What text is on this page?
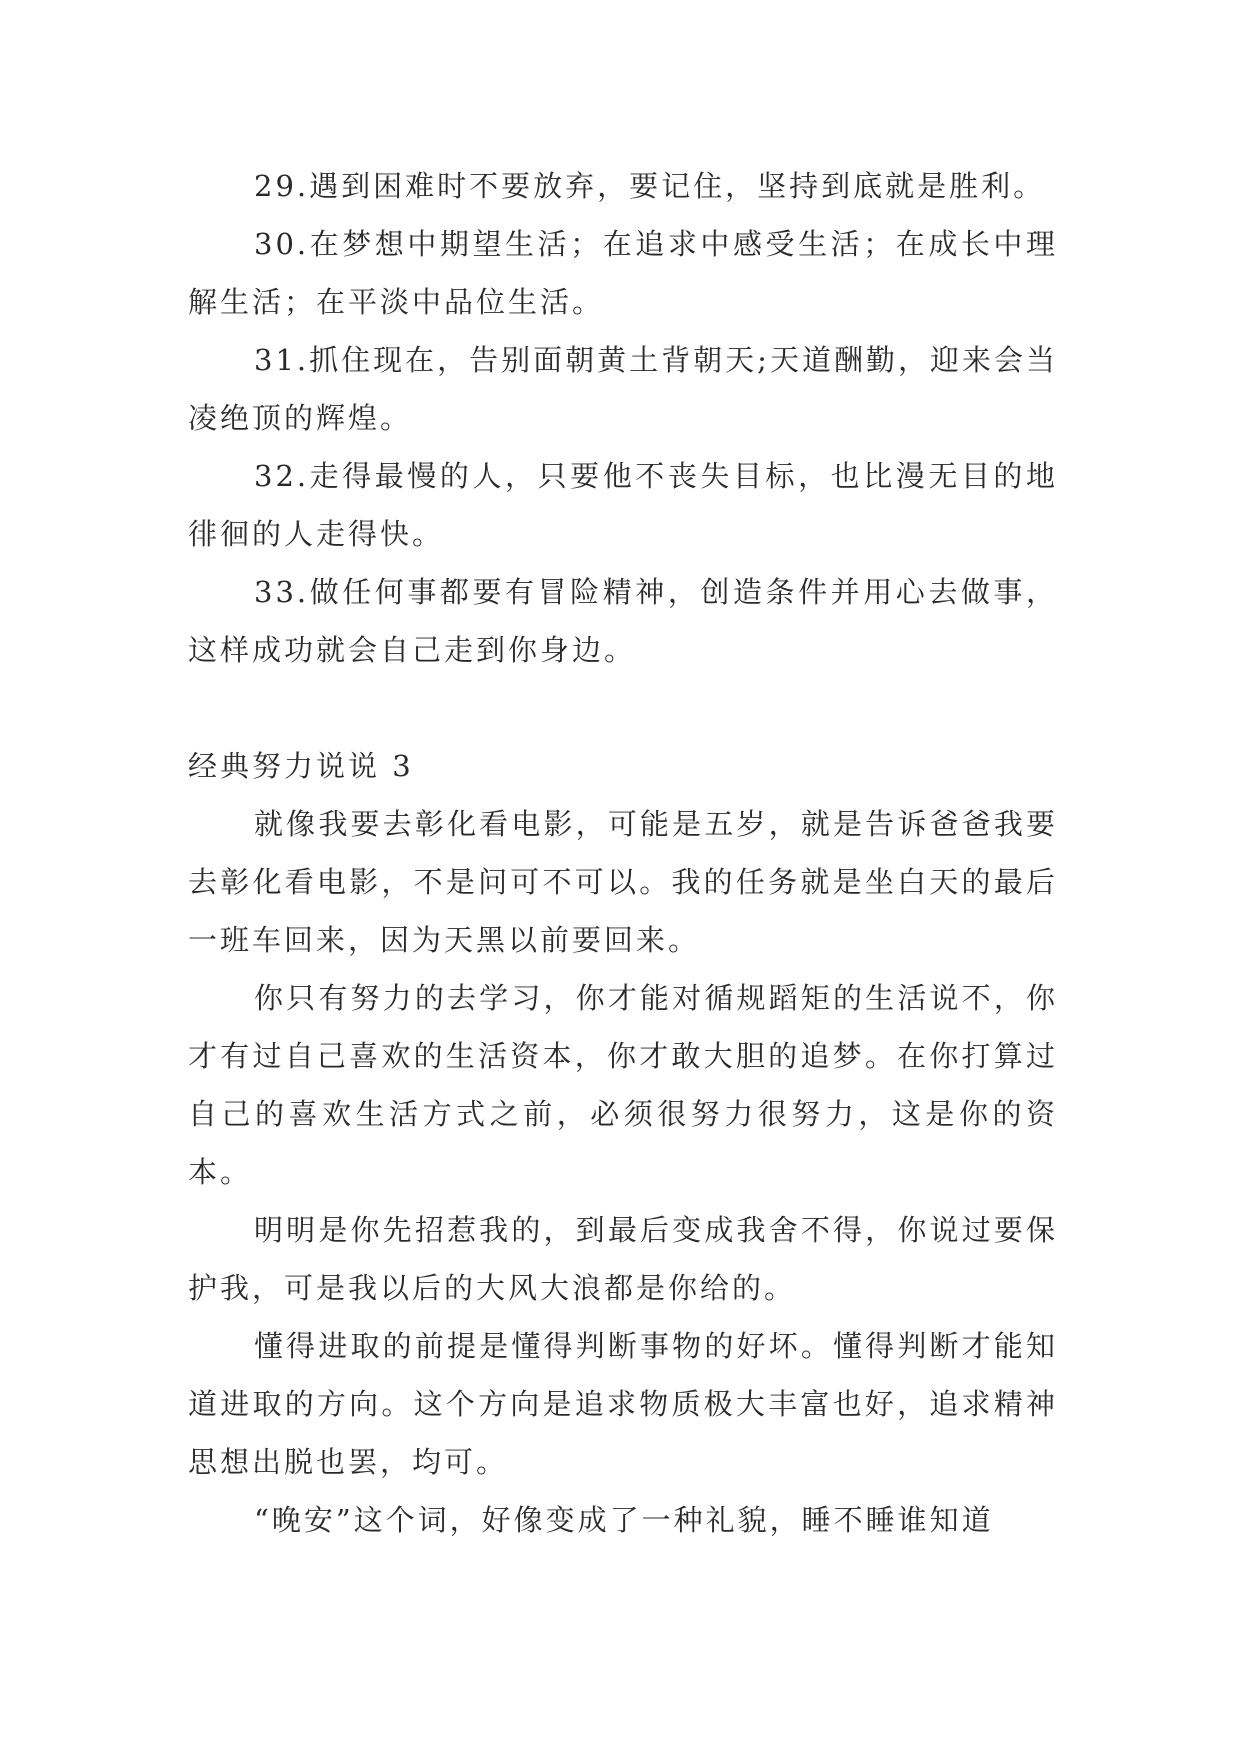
29.遇到困难时不要放弃，要记住，坚持到底就是胜利。

30.在梦想中期望生活；在追求中感受生活；在成长中理解生活；在平淡中品位生活。

31.抓住现在，告别面朝黄土背朝天;天道酬勤，迎来会当凌绝顶的辉煌。

32.走得最慢的人，只要他不丧失目标，也比漫无目的地徘徊的人走得快。

33.做任何事都要有冒险精神，创造条件并用心去做事，这样成功就会自己走到你身边。

经典努力说说 3

就像我要去彰化看电影，可能是五岁，就是告诉爸爸我要去彰化看电影，不是问可不可以。我的任务就是坐白天的最后一班车回来，因为天黑以前要回来。

你只有努力的去学习，你才能对循规蹈矩的生活说不，你才有过自己喜欢的生活资本，你才敢大胆的追梦。在你打算过自己的喜欢生活方式之前，必须很努力很努力，这是你的资本。

明明是你先招惹我的，到最后变成我舍不得，你说过要保护我，可是我以后的大风大浪都是你给的。

懂得进取的前提是懂得判断事物的好坏。懂得判断才能知道进取的方向。这个方向是追求物质极大丰富也好，追求精神思想出脱也罢，均可。

“晚安”这个词，好像变成了一种礼貌，睡不睡谁知道
